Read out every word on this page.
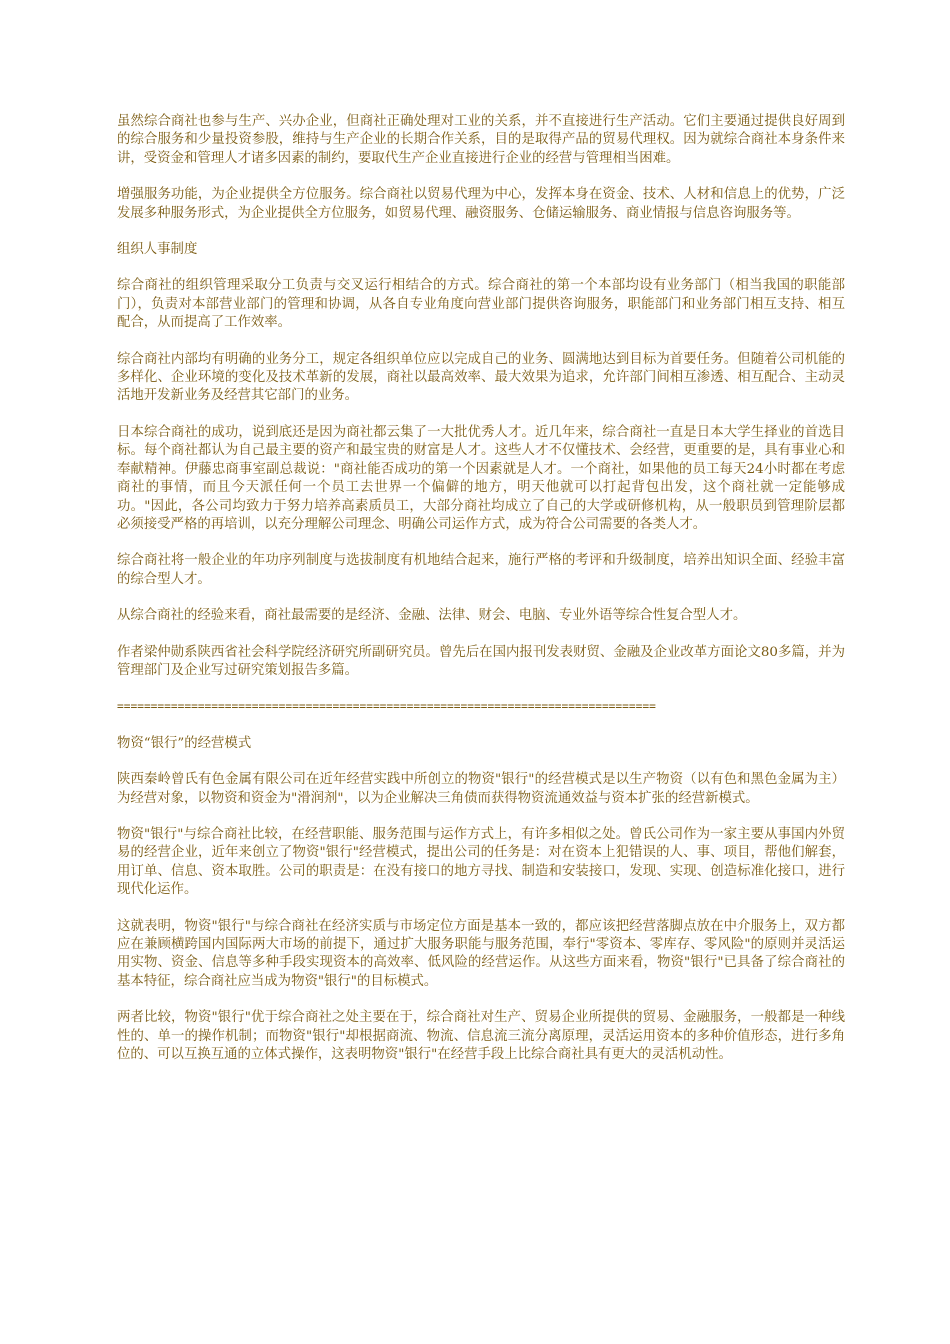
虽然综合商社也参与生产、兴办企业，但商社正确处理对工业的关系，并不直接进行生产活动。它们主要通过提供良好周到的综合服务和少量投资参股，维持与生产企业的长期合作关系，目的是取得产品的贸易代理权。因为就综合商社本身条件来讲，受资金和管理人才诸多因素的制约，要取代生产企业直接进行企业的经营与管理相当困难。

增强服务功能，为企业提供全方位服务。综合商社以贸易代理为中心，发挥本身在资金、技术、人材和信息上的优势，广泛发展多种服务形式，为企业提供全方位服务，如贸易代理、融资服务、仓储运输服务、商业情报与信息咨询服务等。

组织人事制度

综合商社的组织管理采取分工负责与交叉运行相结合的方式。综合商社的第一个本部均设有业务部门（相当我国的职能部门），负责对本部营业部门的管理和协调，从各自专业角度向营业部门提供咨询服务，职能部门和业务部门相互支持、相互配合，从而提高了工作效率。

综合商社内部均有明确的业务分工，规定各组织单位应以完成自己的业务、圆满地达到目标为首要任务。但随着公司机能的多样化、企业环境的变化及技术革新的发展，商社以最高效率、最大效果为追求，允许部门间相互渗透、相互配合、主动灵活地开发新业务及经营其它部门的业务。

日本综合商社的成功，说到底还是因为商社都云集了一大批优秀人才。近几年来，综合商社一直是日本大学生择业的首选目标。每个商社都认为自己最主要的资产和最宝贵的财富是人才。这些人才不仅懂技术、会经营，更重要的是，具有事业心和奉献精神。伊藤忠商事室副总裁说："商社能否成功的第一个因素就是人才。一个商社，如果他的员工每天24小时都在考虑商社的事情，而且今天派任何一个员工去世界一个偏僻的地方，明天他就可以打起背包出发，这个商社就一定能够成功。"因此，各公司均致力于努力培养高素质员工，大部分商社均成立了自己的大学或研修机构，从一般职员到管理阶层都必须接受严格的再培训，以充分理解公司理念、明确公司运作方式，成为符合公司需要的各类人才。

综合商社将一般企业的年功序列制度与选拔制度有机地结合起来，施行严格的考评和升级制度，培养出知识全面、经验丰富的综合型人才。

从综合商社的经验来看，商社最需要的是经济、金融、法律、财会、电脑、专业外语等综合性复合型人才。

作者梁仲勋系陕西省社会科学院经济研究所副研究员。曾先后在国内报刊发表财贸、金融及企业改革方面论文80多篇，并为管理部门及企业写过研究策划报告多篇。

================================================================================

物资“银行”的经营模式

陕西秦岭曾氏有色金属有限公司在近年经营实践中所创立的物资"银行"的经营模式是以生产物资（以有色和黑色金属为主）为经营对象，以物资和资金为"滑润剂"，以为企业解决三角债而获得物资流通效益与资本扩张的经营新模式。

物资"银行"与综合商社比较，在经营职能、服务范围与运作方式上，有许多相似之处。曾氏公司作为一家主要从事国内外贸易的经营企业，近年来创立了物资"银行"经营模式，提出公司的任务是：对在资本上犯错误的人、事、项目，帮他们解套，用订单、信息、资本取胜。公司的职责是：在没有接口的地方寻找、制造和安装接口，发现、实现、创造标准化接口，进行现代化运作。

这就表明，物资"银行"与综合商社在经济实质与市场定位方面是基本一致的，都应该把经营落脚点放在中介服务上，双方都应在兼顾横跨国内国际两大市场的前提下，通过扩大服务职能与服务范围，奉行"零资本、零库存、零风险"的原则并灵活运用实物、资金、信息等多种手段实现资本的高效率、低风险的经营运作。从这些方面来看，物资"银行"已具备了综合商社的基本特征，综合商社应当成为物资"银行"的目标模式。

两者比较，物资"银行"优于综合商社之处主要在于，综合商社对生产、贸易企业所提供的贸易、金融服务，一般都是一种线性的、单一的操作机制；而物资"银行"却根据商流、物流、信息流三流分离原理，灵活运用资本的多种价值形态，进行多角位的、可以互换互通的立体式操作，这表明物资"银行"在经营手段上比综合商社具有更大的灵活机动性。
